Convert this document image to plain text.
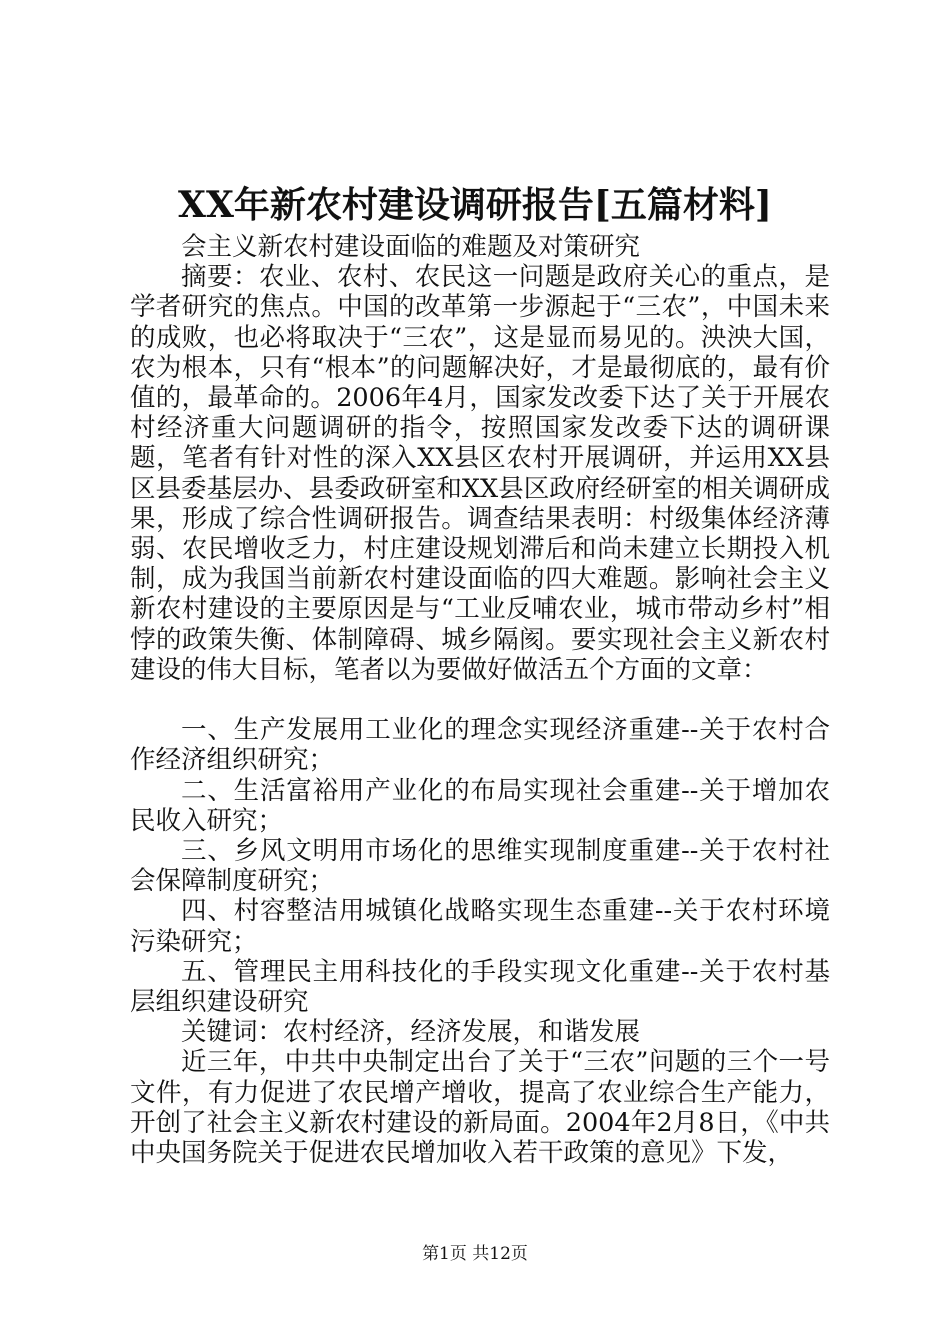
XX年新农村建设调研报告[五篇材料]

会主义新农村建设面临的难题及对策研究

摘要：农业、农村、农民这一问题是政府关心的重点，是学者研究的焦点。中国的改革第一步源起于“三农”，中国未来的成败，也必将取决于“三农”，这是显而易见的。泱泱大国，农为根本，只有“根本”的问题解决好，才是最彻底的，最有价值的，最革命的。2006年4月，国家发改委下达了关于开展农村经济重大问题调研的指令，按照国家发改委下达的调研课题，笔者有针对性的深入XX县区农村开展调研，并运用XX县区县委基层办、县委政研室和XX县区政府经研室的相关调研成果，形成了综合性调研报告。调查结果表明：村级集体经济薄弱、农民增收乏力，村庄建设规划滞后和尚未建立长期投入机制，成为我国当前新农村建设面临的四大难题。影响社会主义新农村建设的主要原因是与“工业反哺农业，城市带动乡村”相悖的政策失衡、体制障碍、城乡隔阂。要实现社会主义新农村建设的伟大目标，笔者以为要做好做活五个方面的文章：

一、生产发展用工业化的理念实现经济重建--关于农村合作经济组织研究；

二、生活富裕用产业化的布局实现社会重建--关于增加农民收入研究；

三、乡风文明用市场化的思维实现制度重建--关于农村社会保障制度研究；

四、村容整洁用城镇化战略实现生态重建--关于农村环境污染研究；

五、管理民主用科技化的手段实现文化重建--关于农村基层组织建设研究

关键词：农村经济，经济发展，和谐发展

近三年，中共中央制定出台了关于“三农”问题的三个一号文件，有力促进了农民增产增收，提高了农业综合生产能力，开创了社会主义新农村建设的新局面。2004年2月8日，《中共中央国务院关于促进农民增加收入若干政策的意见》下发，

第1页 共12页
